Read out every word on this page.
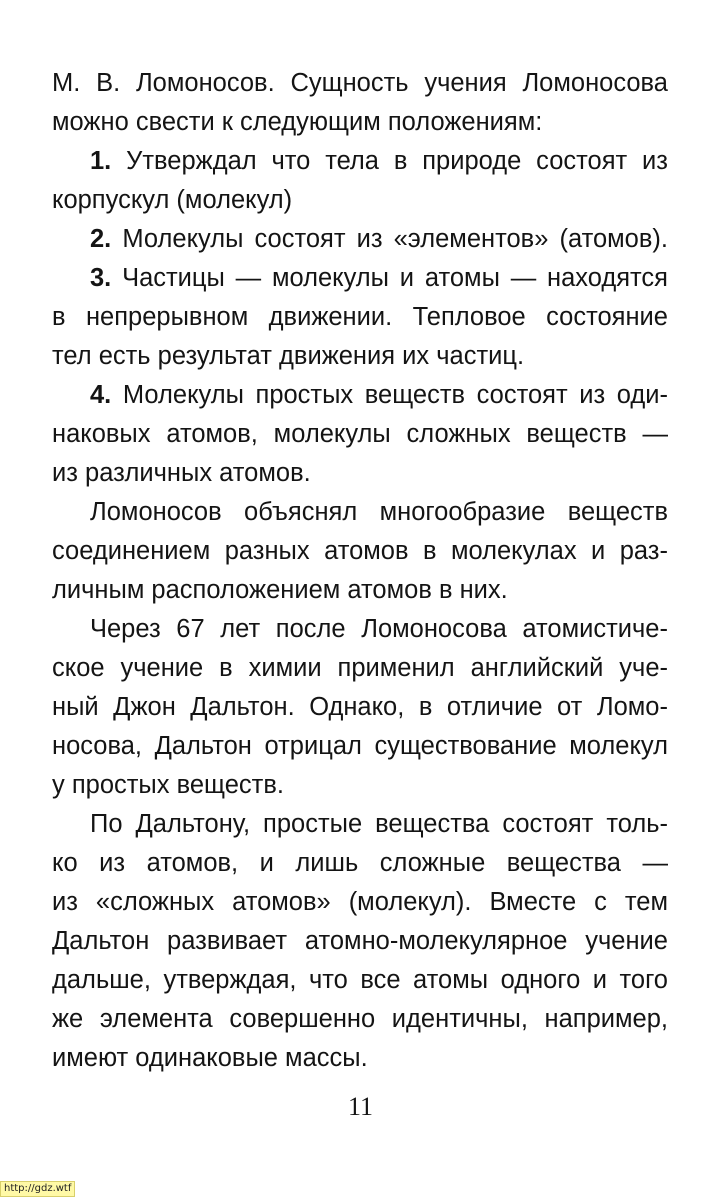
М. В. Ломоносов. Сущность учения Ломоносова
можно свести к следующим положениям:
1. Утверждал что тела в природе состоят из
корпускул (молекул)
2. Молекулы состоят из «элементов» (атомов).
3. Частицы — молекулы и атомы — находятся
в непрерывном движении. Тепловое состояние
тел есть результат движения их частиц.
4. Молекулы простых веществ состоят из оди-
наковых атомов, молекулы сложных веществ —
из различных атомов.
Ломоносов объяснял многообразие веществ
соединением разных атомов в молекулах и раз-
личным расположением атомов в них.
Через 67 лет после Ломоносова атомистиче-
ское учение в химии применил английский уче-
ный Джон Дальтон. Однако, в отличие от Ломо-
носова, Дальтон отрицал существование молекул
у простых веществ.
По Дальтону, простые вещества состоят толь-
ко из атомов, и лишь сложные вещества —
из «сложных атомов» (молекул). Вместе с тем
Дальтон развивает атомно-молекулярное учение
дальше, утверждая, что все атомы одного и того
же элемента совершенно идентичны, например,
имеют одинаковые массы.
11
http://gdz.wtf
